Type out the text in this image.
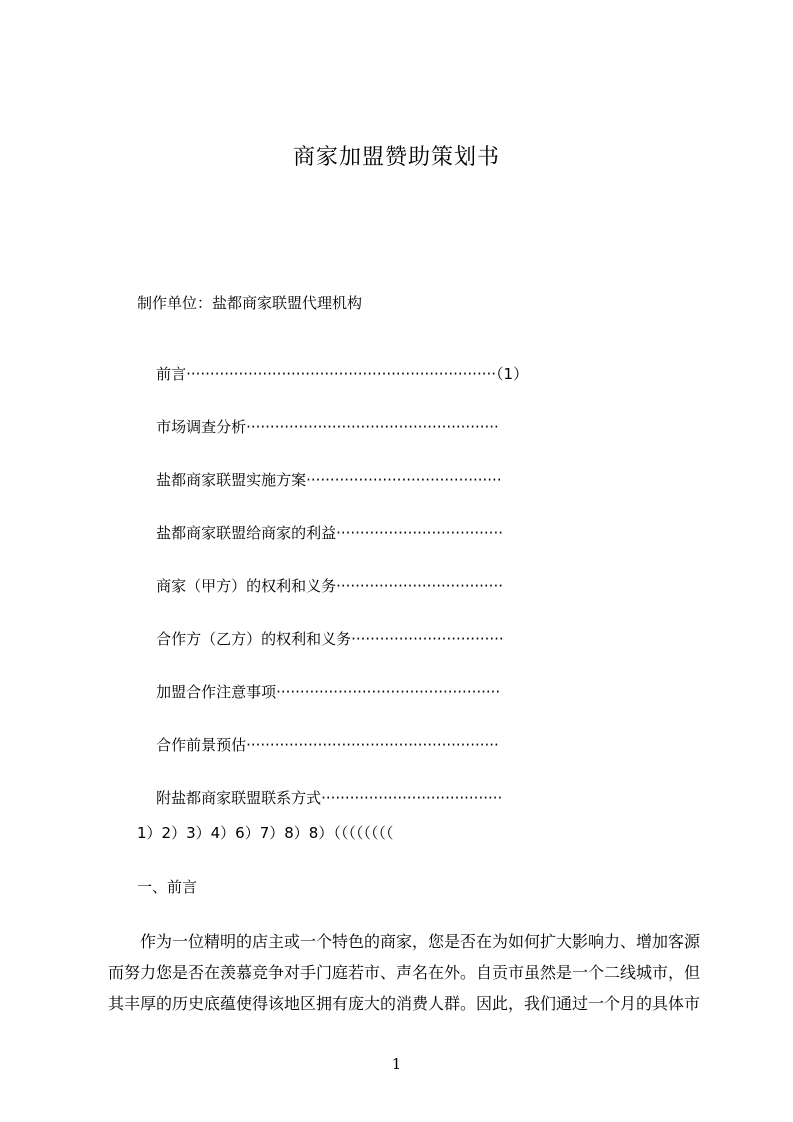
商家加盟赞助策划书
制作单位：盐都商家联盟代理机构

前言·································································（1）

市场调查分析·····················································

盐都商家联盟实施方案·········································

盐都商家联盟给商家的利益···································

商家（甲方）的权利和义务···································

合作方（乙方）的权利和义务································

加盟合作注意事项···············································

合作前景预估·····················································

附盐都商家联盟联系方式······································

1）2）3）4）6）7）8）8）（（（（（（（（
一、前言
作为一位精明的店主或一个特色的商家，您是否在为如何扩大影响力、增加客源
而努力您是否在羡慕竞争对手门庭若市、声名在外。自贡市虽然是一个二线城市，但
其丰厚的历史底蕴使得该地区拥有庞大的消费人群。因此，我们通过一个月的具体市
1
